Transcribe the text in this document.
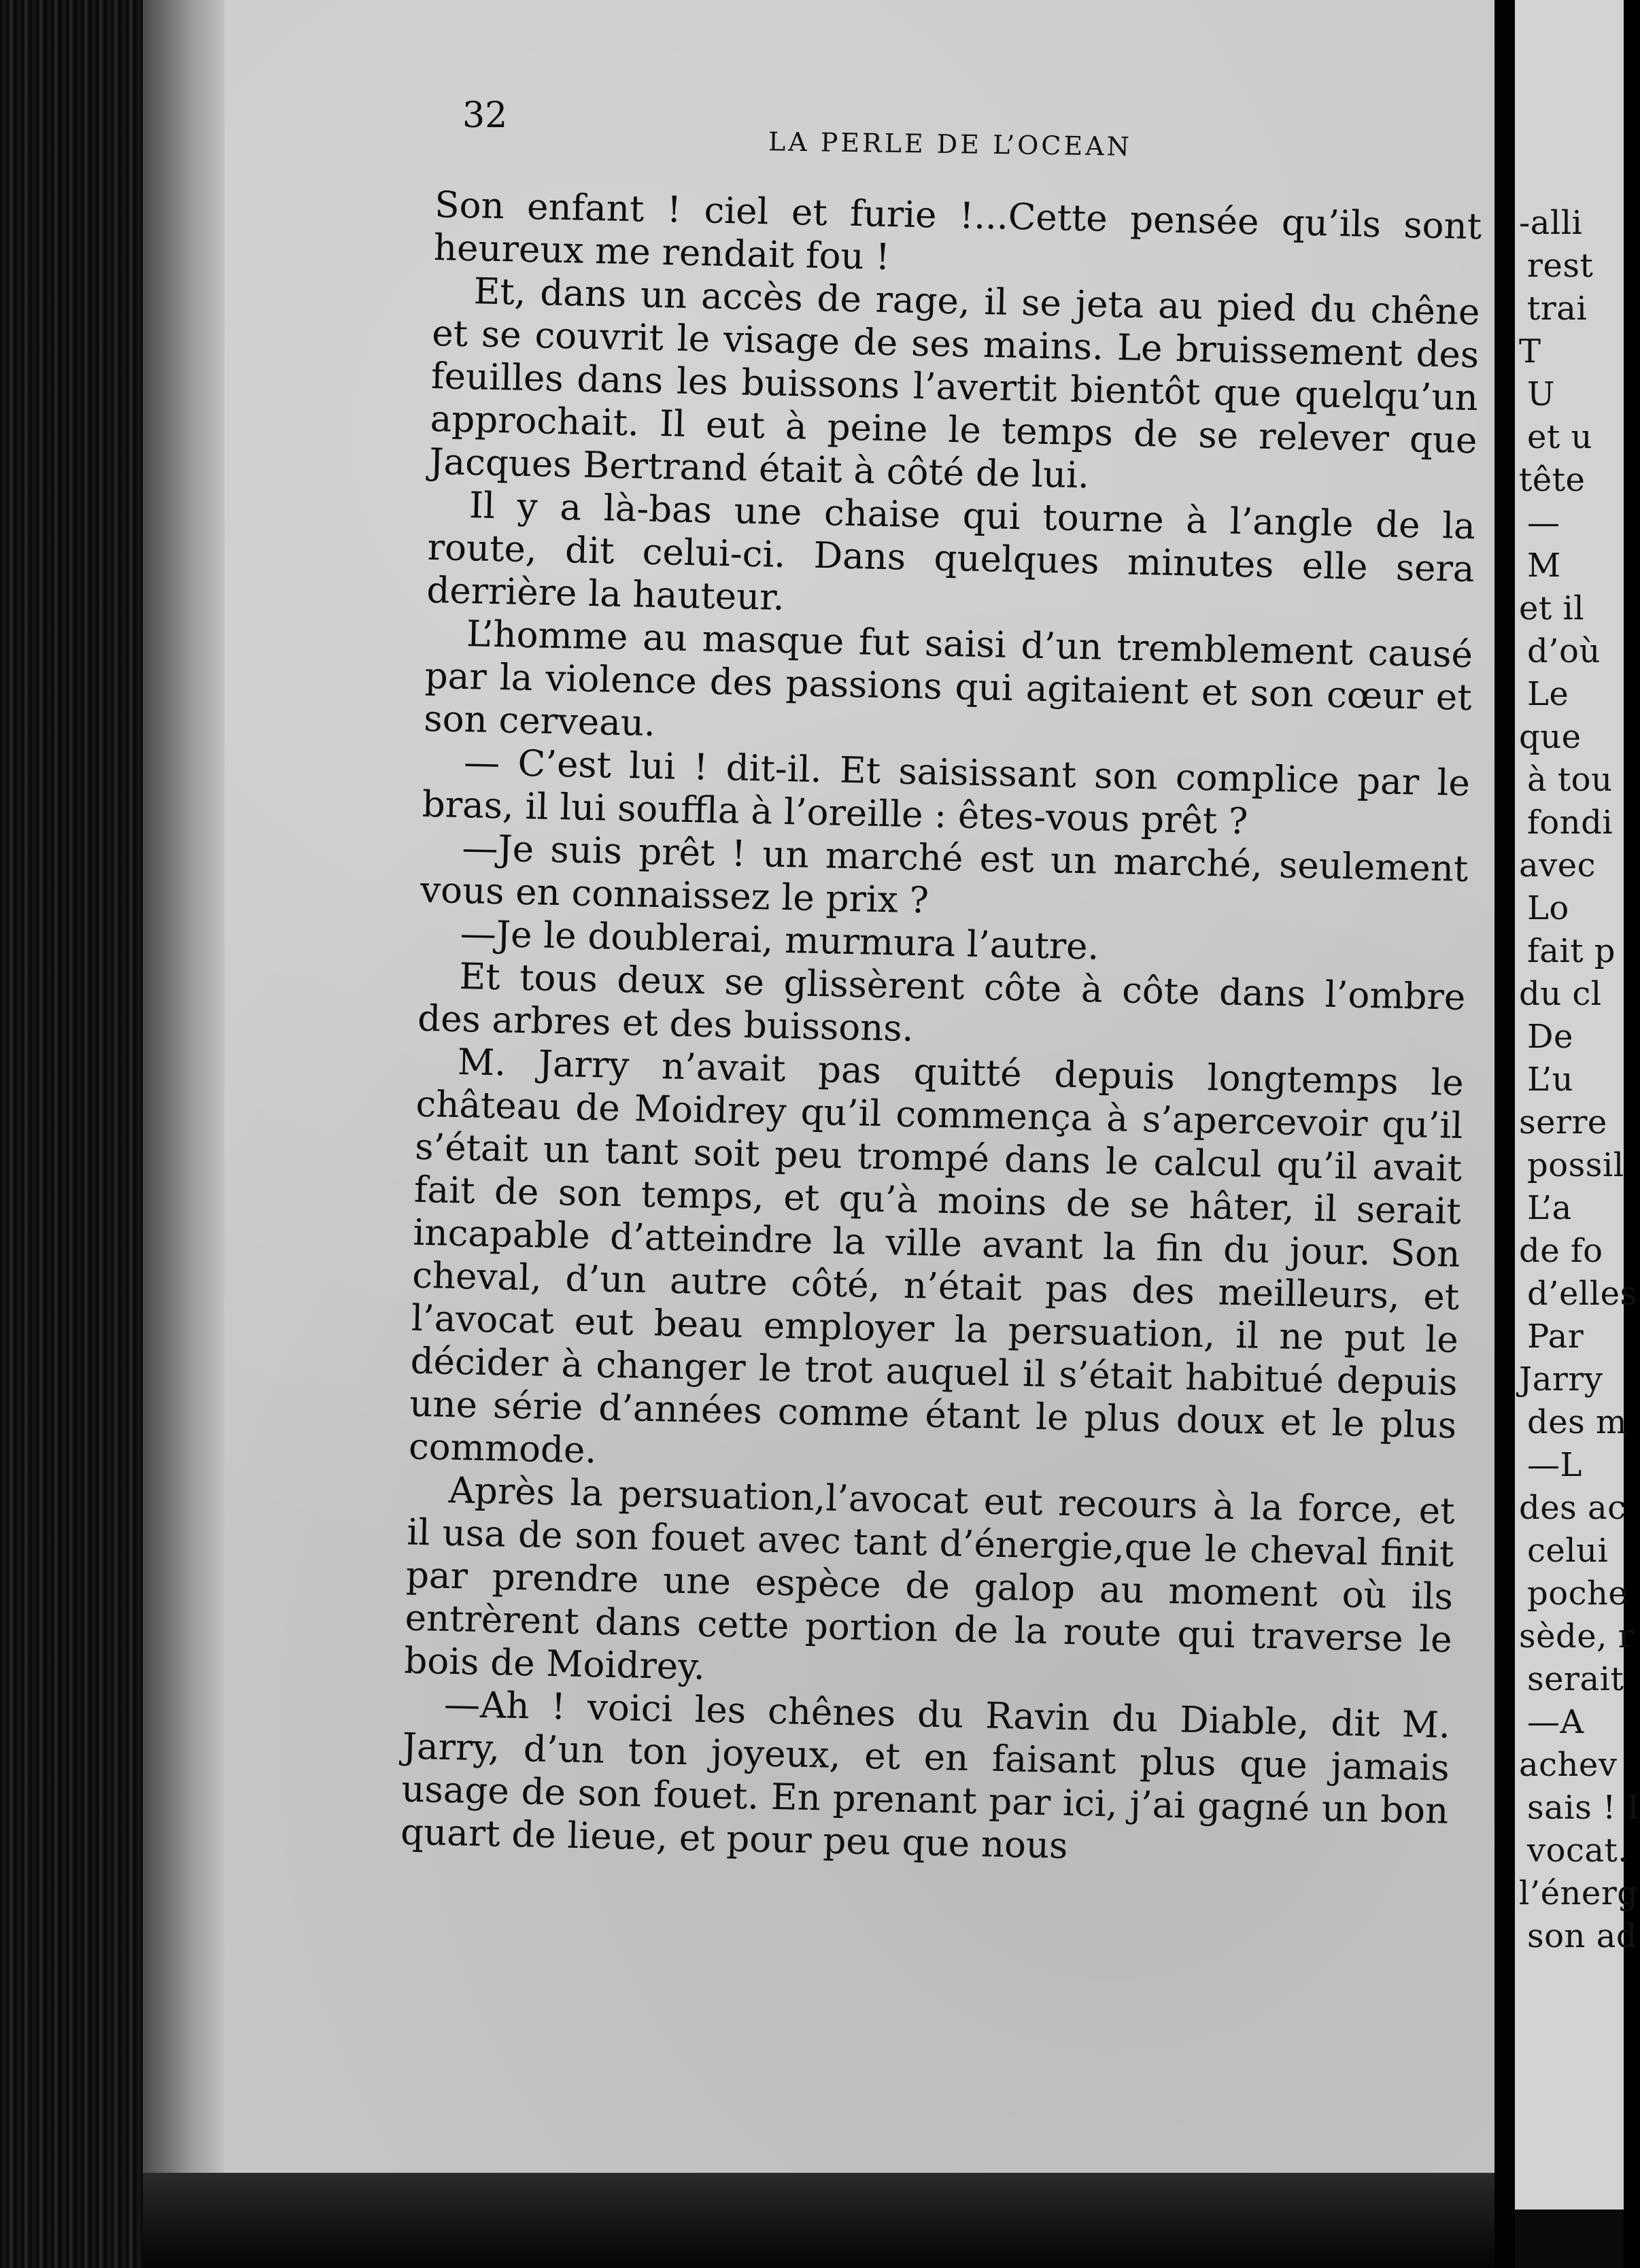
-alli
rest
trai
T
U
et u
tête
—
M
et il
d’où
Le
que
à tou
fondi
avec
Lo
fait p
du cl
De
L’u
serre
possil
L’a
de fo
d’elles
Par
Jarry
des m
—L
des ac
celui
poche
sède, r
serait
—A
achev
sais ! I
vocat.
l’énerg
son ad
32
LA PERLE DE L’OCEAN

Son enfant ! ciel et furie !...Cette pensée qu’ils sont heureux me rendait fou !

Et, dans un accès de rage, il se jeta au pied du chêne et se couvrit le visage de ses mains. Le bruissement des feuilles dans les buissons l’avertit bientôt que quelqu’un approchait. Il eut à peine le temps de se relever que Jacques Bertrand était à côté de lui.

Il y a là-bas une chaise qui tourne à l’angle de la route, dit celui-ci. Dans quelques minutes elle sera derrière la hauteur.

L’homme au masque fut saisi d’un tremblement causé par la violence des passions qui agitaient et son cœur et son cerveau.

— C’est lui ! dit-il. Et saisissant son complice par le bras, il lui souffla à l’oreille : êtes-vous prêt ?

—Je suis prêt ! un marché est un marché, seulement vous en connaissez le prix ?

—Je le doublerai, murmura l’autre.

Et tous deux se glissèrent côte à côte dans l’ombre des arbres et des buissons.

M. Jarry n’avait pas quitté depuis longtemps le château de Moidrey qu’il commença à s’apercevoir qu’il s’était un tant soit peu trompé dans le calcul qu’il avait fait de son temps, et qu’à moins de se hâter, il serait incapable d’atteindre la ville avant la fin du jour. Son cheval, d’un autre côté, n’était pas des meilleurs, et l’avocat eut beau employer la persuation, il ne put le décider à changer le trot auquel il s’était habitué depuis une série d’années comme étant le plus doux et le plus commode.

Après la persuation,l’avocat eut recours à la force, et il usa de son fouet avec tant d’énergie,que le cheval finit par prendre une espèce de galop au moment où ils entrèrent dans cette portion de la route qui traverse le bois de Moidrey.

—Ah ! voici les chênes du Ravin du Diable, dit M. Jarry, d’un ton joyeux, et en faisant plus que jamais usage de son fouet. En prenant par ici, j’ai gagné un bon quart de lieue, et pour peu que nous
